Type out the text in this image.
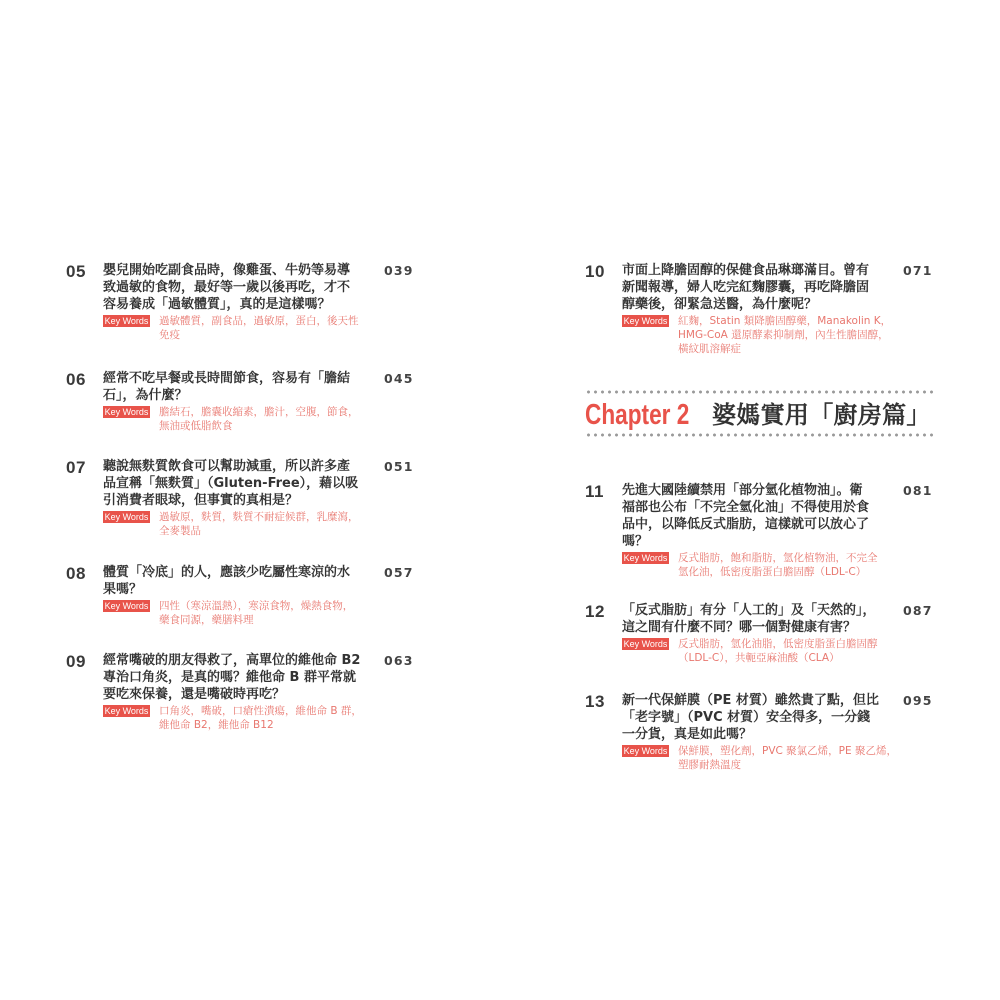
05	039
嬰兒開始吃副食品時，像雞蛋、牛奶等易導
致過敏的食物，最好等一歲以後再吃，才不
容易養成「過敏體質」，真的是這樣嗎？
Key Words 過敏體質，副食品，過敏原，蛋白，後天性
免疫
06	045
經常不吃早餐或長時間節食，容易有「膽結
石」，為什麼？
Key Words 膽結石，膽囊收縮素，膽汁，空腹，節食，
無油或低脂飲食
07	051
聽說無麩質飲食可以幫助減重，所以許多產
品宣稱「無麩質」（Gluten-Free），藉以吸
引消費者眼球，但事實的真相是？
Key Words 過敏原，麩質，麩質不耐症候群，乳糜瀉，
全麥製品
08	057
體質「冷底」的人，應該少吃屬性寒涼的水
果嗎？
Key Words 四性（寒涼溫熱），寒涼食物，燥熱食物，
藥食同源，藥膳料理
09	063
經常嘴破的朋友得救了，高單位的維他命 B2
專治口角炎，是真的嗎？維他命 B 群平常就
要吃來保養，還是嘴破時再吃？
Key Words 口角炎，嘴破，口瘡性潰瘍，維他命 B 群，
維他命 B2，維他命 B12
10	071
市面上降膽固醇的保健食品琳瑯滿目。曾有
新聞報導，婦人吃完紅麴膠囊，再吃降膽固
醇藥後，卻緊急送醫，為什麼呢？
Key Words 紅麴，Statin 類降膽固醇藥，Manakolin K，
HMG-CoA 還原酵素抑制劑，內生性膽固醇，
橫紋肌溶解症
Chapter 2 婆媽實用「廚房篇」
11	081
先進大國陸續禁用「部分氫化植物油」。衛
福部也公布「不完全氫化油」不得使用於食
品中，以降低反式脂肪，這樣就可以放心了
嗎？
Key Words 反式脂肪，飽和脂肪，氫化植物油，不完全
氫化油，低密度脂蛋白膽固醇（LDL-C）
12	087
「反式脂肪」有分「人工的」及「天然的」，
這之間有什麼不同？哪一個對健康有害？
Key Words 反式脂肪，氫化油脂，低密度脂蛋白膽固醇
（LDL-C），共軛亞麻油酸（CLA）
13	095
新一代保鮮膜（PE 材質）雖然貴了點，但比
「老字號」（PVC 材質）安全得多，一分錢
一分貨，真是如此嗎？
Key Words 保鮮膜，塑化劑，PVC 聚氯乙烯，PE 聚乙烯，
塑膠耐熱溫度
